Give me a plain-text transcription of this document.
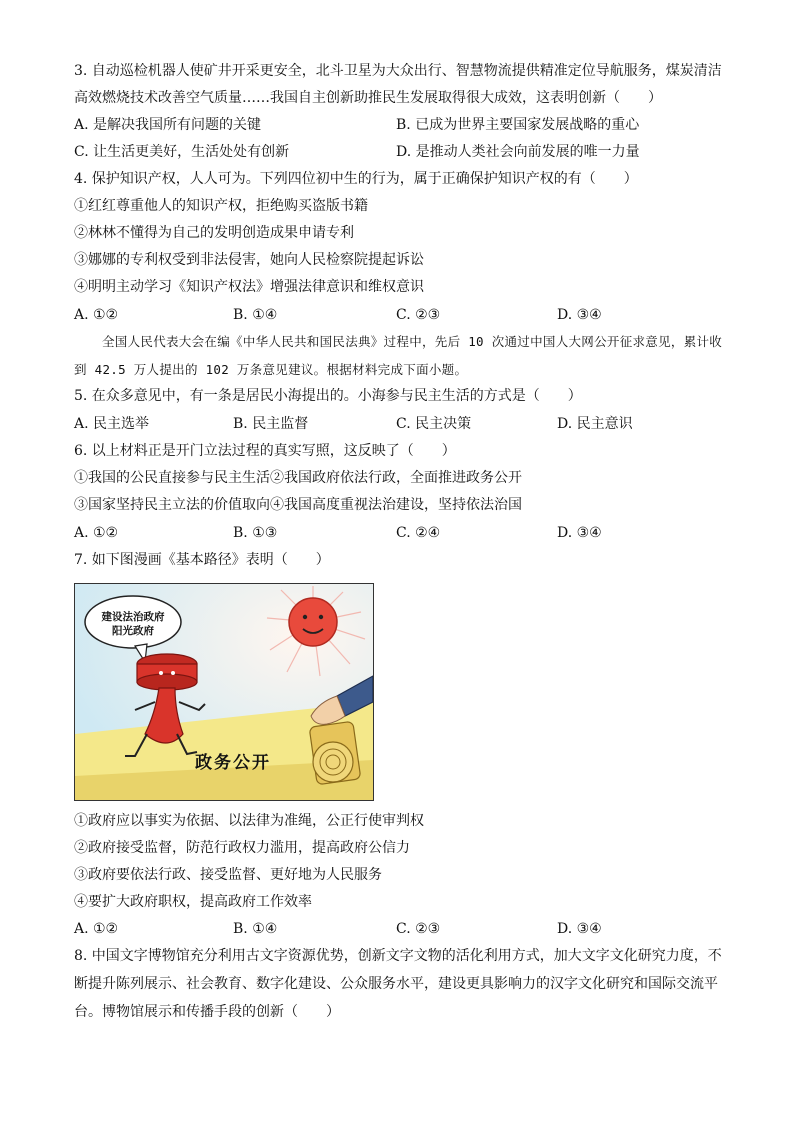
3. 自动巡检机器人使矿井开采更安全，北斗卫星为大众出行、智慧物流提供精准定位导航服务，煤炭清洁
高效燃烧技术改善空气质量……我国自主创新助推民生发展取得很大成效，这表明创新（　　）
A. 是解决我国所有问题的关键	B. 已成为世界主要国家发展战略的重心
C. 让生活更美好，生活处处有创新	D. 是推动人类社会向前发展的唯一力量
4. 保护知识产权，人人可为。下列四位初中生的行为，属于正确保护知识产权的有（　　）
①红红尊重他人的知识产权，拒绝购买盗版书籍
②林林不懂得为自己的发明创造成果申请专利
③娜娜的专利权受到非法侵害，她向人民检察院提起诉讼
④明明主动学习《知识产权法》增强法律意识和维权意识
A. ①②	B. ①④	C. ②③	D. ③④
全国人民代表大会在编《中华人民共和国民法典》过程中，先后 10 次通过中国人大网公开征求意见，累计收到 42.5 万人提出的 102 万条意见建议。根据材料完成下面小题。
5. 在众多意见中，有一条是居民小海提出的。小海参与民主生活的方式是（　　）
A. 民主选举	B. 民主监督	C. 民主决策	D. 民主意识
6. 以上材料正是开门立法过程的真实写照，这反映了（　　）
①我国的公民直接参与民主生活②我国政府依法行政，全面推进政务公开
③国家坚持民主立法的价值取向④我国高度重视法治建设，坚持依法治国
A. ①②	B. ①③	C. ②④	D. ③④
7. 如下图漫画《基本路径》表明（　　）
建设法治政府
阳光政府
政务公开
①政府应以事实为依据、以法律为准绳，公正行使审判权
②政府接受监督，防范行政权力滥用，提高政府公信力
③政府要依法行政、接受监督、更好地为人民服务
④要扩大政府职权，提高政府工作效率
A. ①②	B. ①④	C. ②③	D. ③④
8. 中国文字博物馆充分利用古文字资源优势，创新文字文物的活化利用方式，加大文字文化研究力度，不断提升陈列展示、社会教育、数字化建设、公众服务水平，建设更具影响力的汉字文化研究和国际交流平台。博物馆展示和传播手段的创新（　　）
